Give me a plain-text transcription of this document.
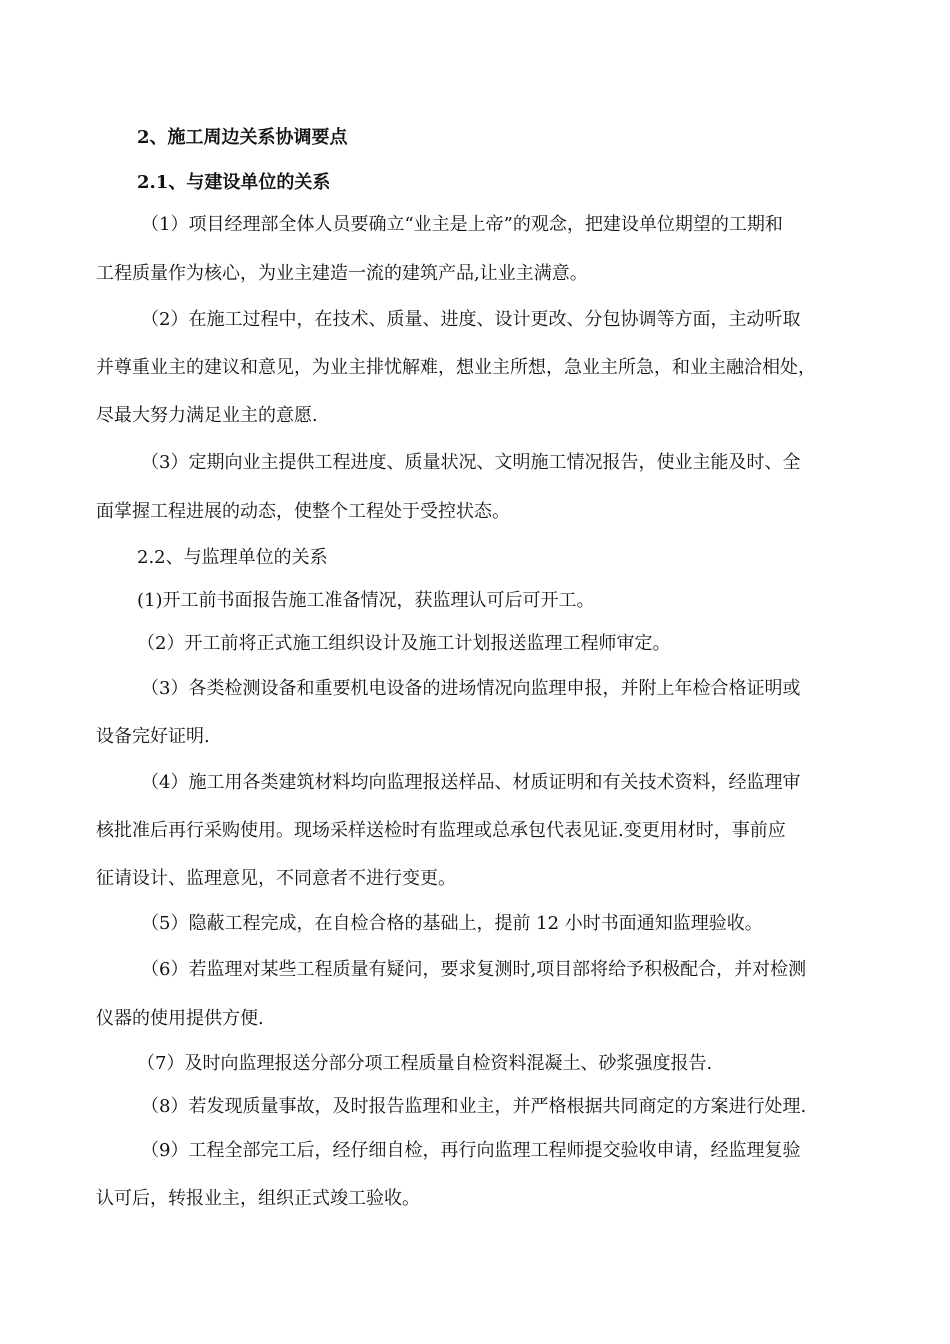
2、施工周边关系协调要点
2.1、与建设单位的关系
（1）项目经理部全体人员要确立“业主是上帝”的观念，把建设单位期望的工期和
工程质量作为核心，为业主建造一流的建筑产品,让业主满意。
（2）在施工过程中，在技术、质量、进度、设计更改、分包协调等方面，主动听取
并尊重业主的建议和意见，为业主排忧解难，想业主所想，急业主所急，和业主融洽相处，
尽最大努力满足业主的意愿.
（3）定期向业主提供工程进度、质量状况、文明施工情况报告，使业主能及时、全
面掌握工程进展的动态，使整个工程处于受控状态。
2.2、与监理单位的关系
(1)开工前书面报告施工准备情况，获监理认可后可开工。
（2）开工前将正式施工组织设计及施工计划报送监理工程师审定。
（3）各类检测设备和重要机电设备的进场情况向监理申报，并附上年检合格证明或
设备完好证明.
（4）施工用各类建筑材料均向监理报送样品、材质证明和有关技术资料，经监理审
核批准后再行采购使用。现场采样送检时有监理或总承包代表见证.变更用材时，事前应
征请设计、监理意见，不同意者不进行变更。
（5）隐蔽工程完成，在自检合格的基础上，提前 12 小时书面通知监理验收。
（6）若监理对某些工程质量有疑问，要求复测时,项目部将给予积极配合，并对检测
仪器的使用提供方便.
（7）及时向监理报送分部分项工程质量自检资料混凝土、砂浆强度报告.
（8）若发现质量事故，及时报告监理和业主，并严格根据共同商定的方案进行处理.
（9）工程全部完工后，经仔细自检，再行向监理工程师提交验收申请，经监理复验
认可后，转报业主，组织正式竣工验收。
